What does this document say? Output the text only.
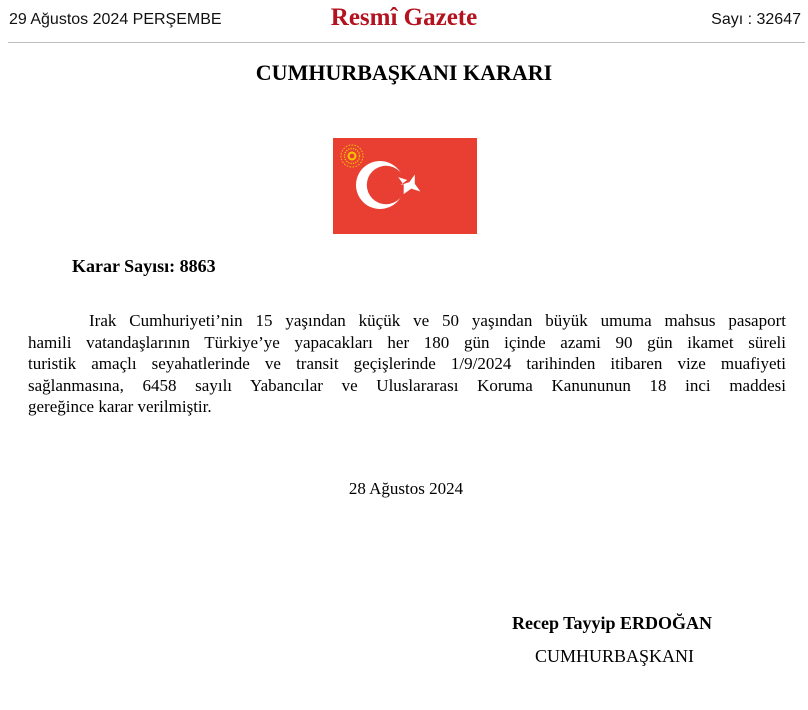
29 Ağustos 2024 PERŞEMBE	Resmî Gazete	Sayı : 32647
CUMHURBAŞKANI KARARI
Karar Sayısı: 8863
Irak Cumhuriyeti’nin 15 yaşından küçük ve 50 yaşından büyük umuma mahsus pasaport
hamili vatandaşlarının Türkiye’ye yapacakları her 180 gün içinde azami 90 gün ikamet süreli
turistik amaçlı seyahatlerinde ve transit geçişlerinde 1/9/2024 tarihinden itibaren vize muafiyeti
sağlanmasına, 6458 sayılı Yabancılar ve Uluslararası Koruma Kanununun 18 inci maddesi
gereğince karar verilmiştir.
28 Ağustos 2024
Recep Tayyip ERDOĞAN
CUMHURBAŞKANI
